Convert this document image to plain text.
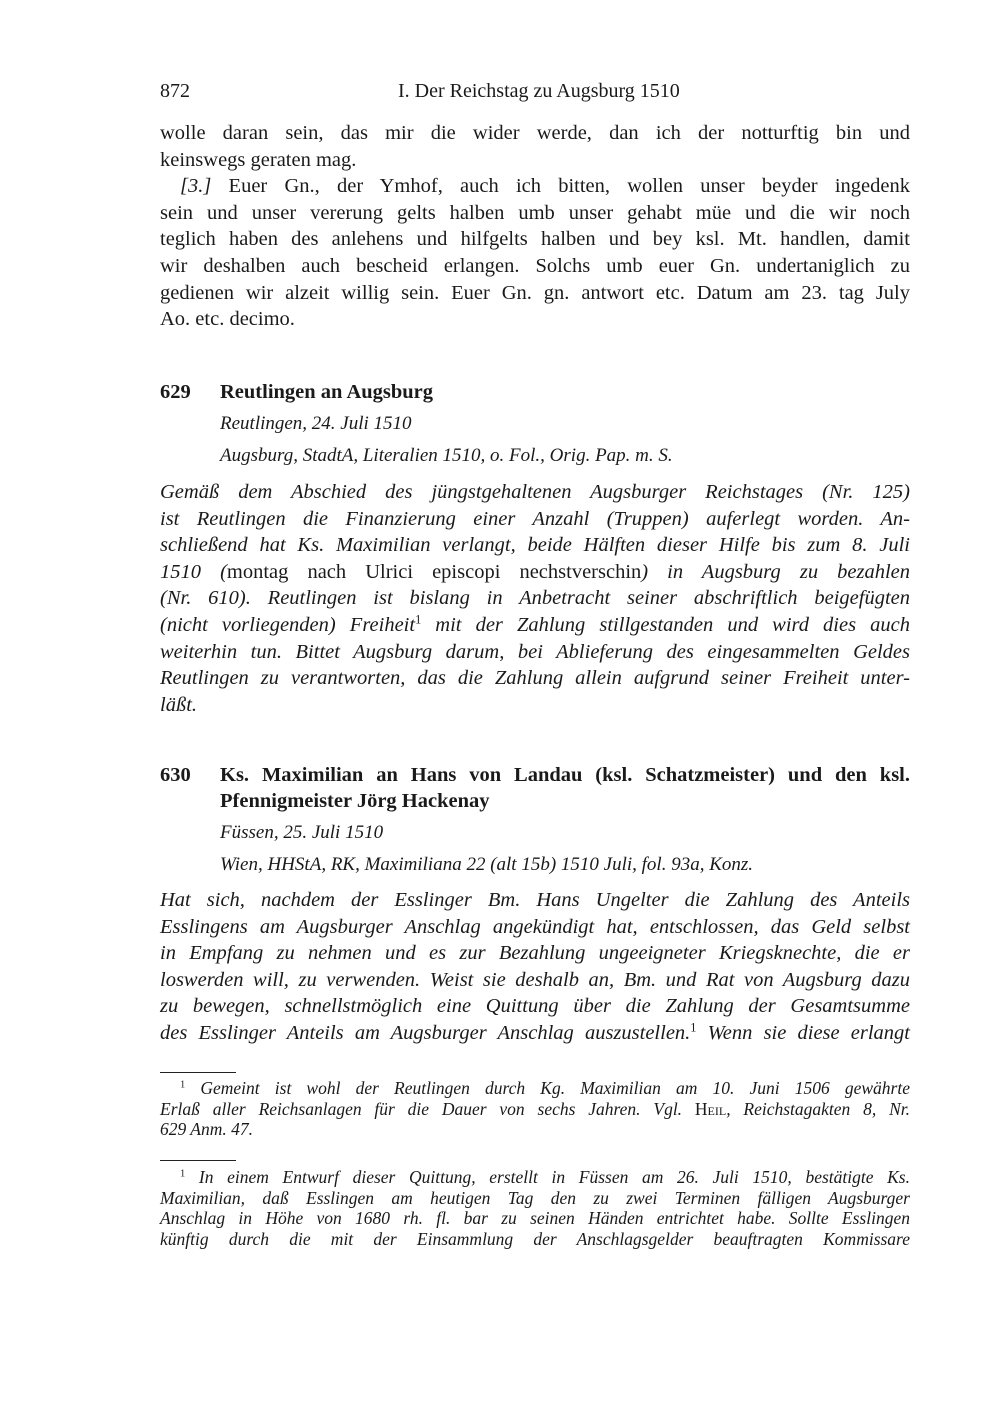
872	I. Der Reichstag zu Augsburg 1510
wolle daran sein, das mir die wider werde, dan ich der notturftig bin und
keinswegs geraten mag.
[3.] Euer Gn., der Ymhof, auch ich bitten, wollen unser beyder ingedenk
sein und unser vererung gelts halben umb unser gehabt müe und die wir noch
teglich haben des anlehens und hilfgelts halben und bey ksl. Mt. handlen, damit
wir deshalben auch bescheid erlangen. Solchs umb euer Gn. undertaniglich zu
gedienen wir alzeit willig sein. Euer Gn. gn. antwort etc. Datum am 23. tag July
Ao. etc. decimo.
629 Reutlingen an Augsburg
Reutlingen, 24. Juli 1510
Augsburg, StadtA, Literalien 1510, o. Fol., Orig. Pap. m. S.
Gemäß dem Abschied des jüngstgehaltenen Augsburger Reichstages (Nr. 125)
ist Reutlingen die Finanzierung einer Anzahl (Truppen) auferlegt worden. An-
schließend hat Ks. Maximilian verlangt, beide Hälften dieser Hilfe bis zum 8. Juli
1510 (montag nach Ulrici episcopi nechstverschin) in Augsburg zu bezahlen
(Nr. 610). Reutlingen ist bislang in Anbetracht seiner abschriftlich beigefügten
(nicht vorliegenden) Freiheit$^1$ mit der Zahlung stillgestanden und wird dies auch
weiterhin tun. Bittet Augsburg darum, bei Ablieferung des eingesammelten Geldes
Reutlingen zu verantworten, das die Zahlung allein aufgrund seiner Freiheit unter-
läßt.
630 Ks. Maximilian an Hans von Landau (ksl. Schatzmeister) und den ksl.
Pfennigmeister Jörg Hackenay
Füssen, 25. Juli 1510
Wien, HHStA, RK, Maximiliana 22 (alt 15b) 1510 Juli, fol. 93a, Konz.
Hat sich, nachdem der Esslinger Bm. Hans Ungelter die Zahlung des Anteils
Esslingens am Augsburger Anschlag angekündigt hat, entschlossen, das Geld selbst
in Empfang zu nehmen und es zur Bezahlung ungeeigneter Kriegsknechte, die er
loswerden will, zu verwenden. Weist sie deshalb an, Bm. und Rat von Augsburg dazu
zu bewegen, schnellstmöglich eine Quittung über die Zahlung der Gesamtsumme
des Esslinger Anteils am Augsburger Anschlag auszustellen.$^1$ Wenn sie diese erlangt
$^1$ Gemeint ist wohl der Reutlingen durch Kg. Maximilian am 10. Juni 1506 gewährte
Erlaß aller Reichsanlagen für die Dauer von sechs Jahren. Vgl. Heil, Reichstagakten 8, Nr.
629 Anm. 47.
$^1$ In einem Entwurf dieser Quittung, erstellt in Füssen am 26. Juli 1510, bestätigte Ks.
Maximilian, daß Esslingen am heutigen Tag den zu zwei Terminen fälligen Augsburger
Anschlag in Höhe von 1680 rh. fl. bar zu seinen Händen entrichtet habe. Sollte Esslingen
künftig durch die mit der Einsammlung der Anschlagsgelder beauftragten Kommissare
